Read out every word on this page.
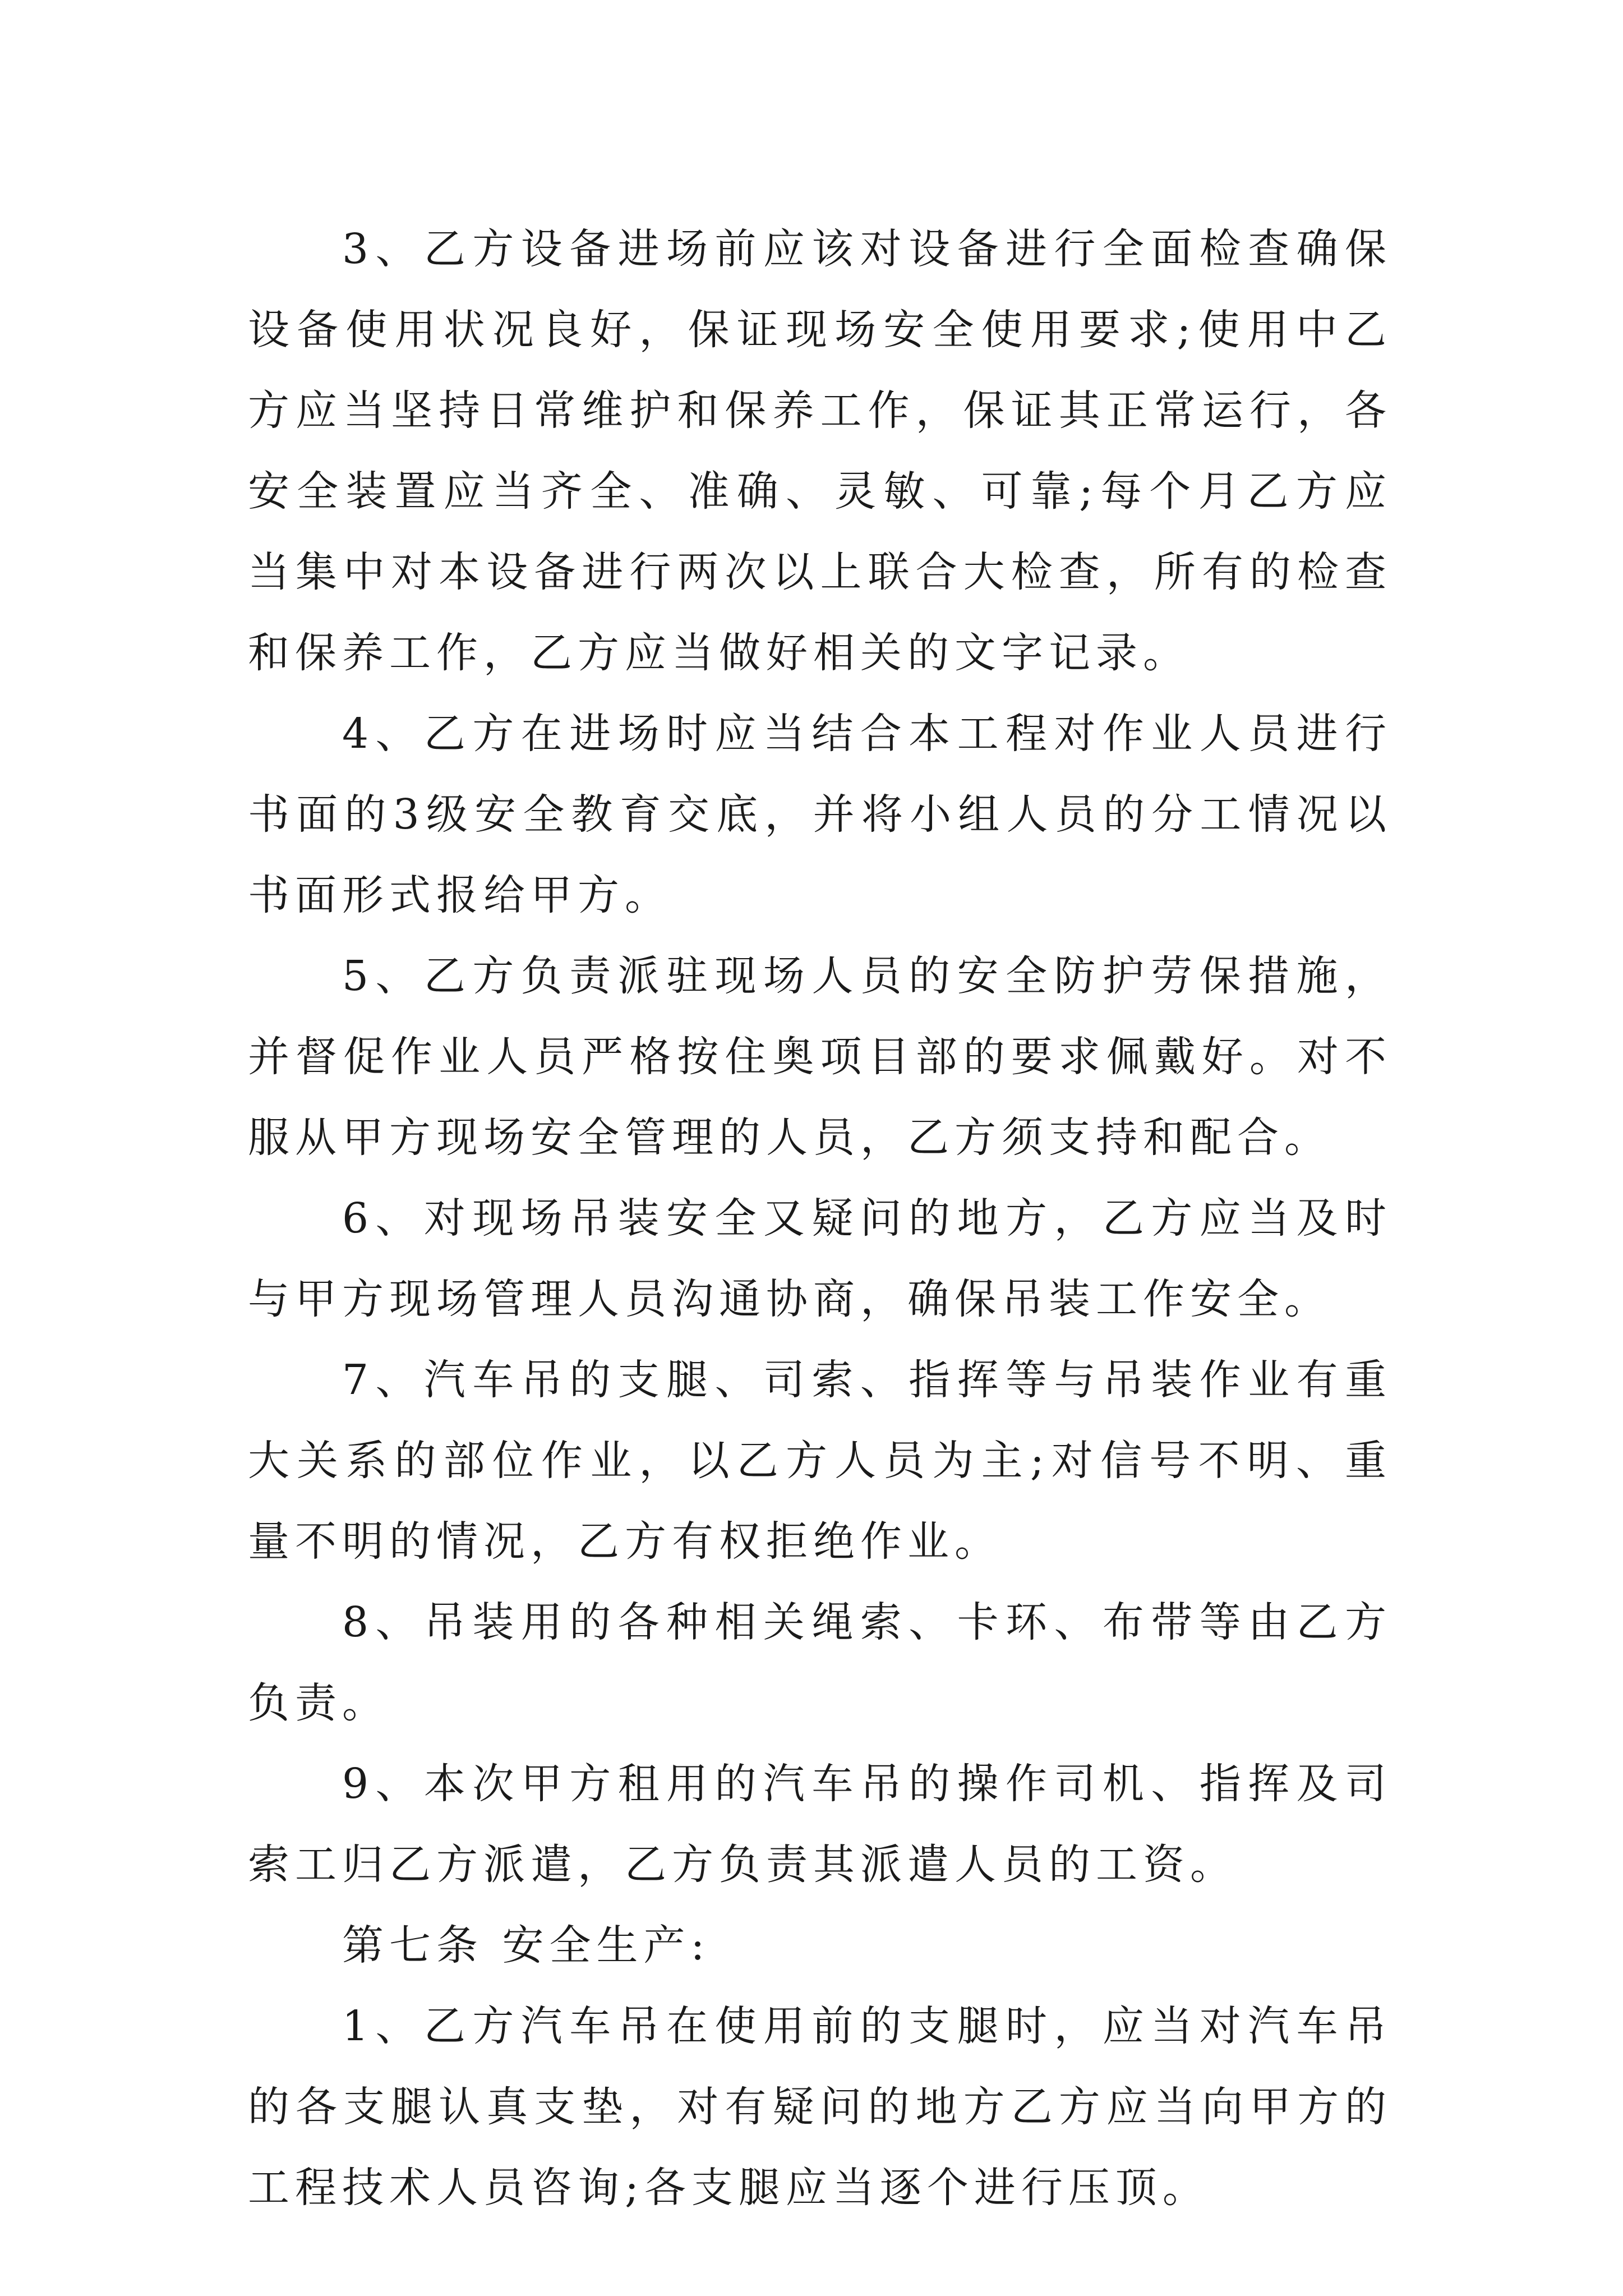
3、乙方设备进场前应该对设备进行全面检查确保设备使用状况良好，保证现场安全使用要求;使用中乙方应当坚持日常维护和保养工作，保证其正常运行，各安全装置应当齐全、准确、灵敏、可靠;每个月乙方应当集中对本设备进行两次以上联合大检查，所有的检查和保养工作，乙方应当做好相关的文字记录。

4、乙方在进场时应当结合本工程对作业人员进行书面的3级安全教育交底，并将小组人员的分工情况以书面形式报给甲方。

5、乙方负责派驻现场人员的安全防护劳保措施，并督促作业人员严格按住奥项目部的要求佩戴好。对不服从甲方现场安全管理的人员，乙方须支持和配合。

6、对现场吊装安全又疑问的地方，乙方应当及时与甲方现场管理人员沟通协商，确保吊装工作安全。

7、汽车吊的支腿、司索、指挥等与吊装作业有重大关系的部位作业，以乙方人员为主;对信号不明、重量不明的情况，乙方有权拒绝作业。

8、吊装用的各种相关绳索、卡环、布带等由乙方负责。

9、本次甲方租用的汽车吊的操作司机、指挥及司索工归乙方派遣，乙方负责其派遣人员的工资。

第七条 安全生产:

1、乙方汽车吊在使用前的支腿时，应当对汽车吊的各支腿认真支垫，对有疑问的地方乙方应当向甲方的工程技术人员咨询;各支腿应当逐个进行压顶。
